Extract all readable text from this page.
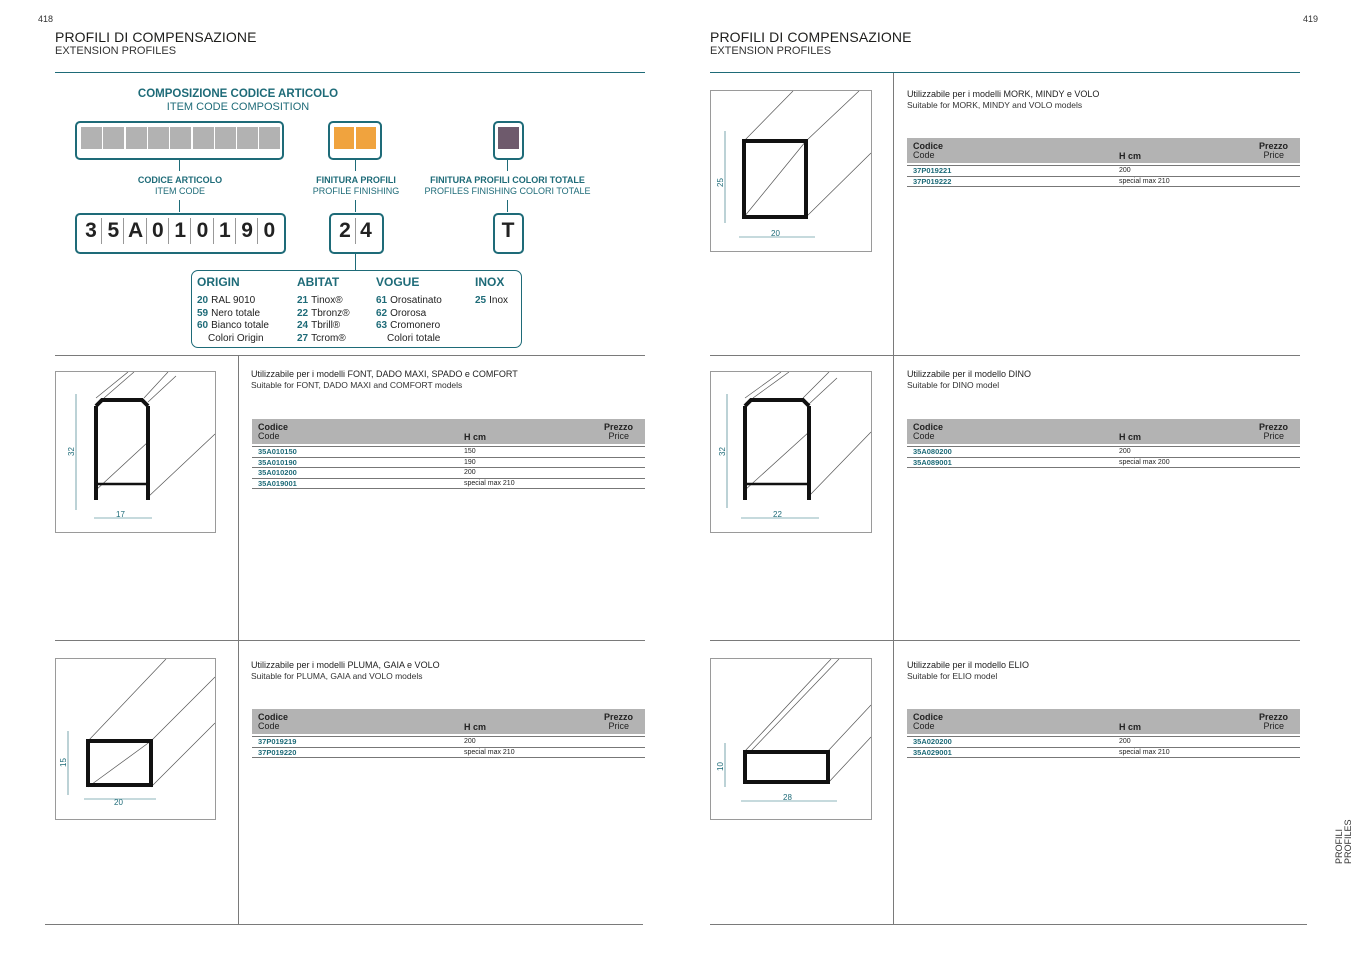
418
PROFILI DI COMPENSAZIONE
EXTENSION PROFILES
419
PROFILI DI COMPENSAZIONE
EXTENSION PROFILES
COMPOSIZIONE CODICE ARTICOLO
ITEM CODE COMPOSITION
CODICE ARTICOLO
ITEM CODE
FINITURA PROFILI
PROFILE FINISHING
FINITURA PROFILI COLORI TOTALE
PROFILES FINISHING COLORI TOTALE
3 5 A 0 1 0 1 9 0	2 4	T
ORIGIN
20 RAL 9010
59 Nero totale
60 Bianco totale
Colori Origin
ABITAT
21 Tinox®
22 Tbronz®
24 Tbrill®
27 Tcrom®
VOGUE
61 Orosatinato
62 Ororosa
63 Cromonero
Colori totale
INOX
25 Inox
32
17
Utilizzabile per i modelli FONT, DADO MAXI, SPADO e COMFORT
Suitable for FONT, DADO MAXI and COMFORT models
Codice
Code	H cm
Prezzo
Price
35A010150	150
35A010190	190
35A010200	200
35A019001	special max 210
15
20
Utilizzabile per i modelli PLUMA, GAIA e VOLO
Suitable for PLUMA, GAIA and VOLO models
Codice
Code	H cm
Prezzo
Price
37P019219	200
37P019220	special max 210
25
20
Utilizzabile per i modelli MORK, MINDY e VOLO
Suitable for MORK, MINDY and VOLO models
Codice
Code	H cm
Prezzo
Price
37P019221	200
37P019222	special max 210
32
22
Utilizzabile per il modello DINO
Suitable for DINO model
Codice
Code	H cm
Prezzo
Price
35A080200	200
35A089001	special max 200
10
28
Utilizzabile per il modello ELIO
Suitable for ELIO model
Codice
Code	H cm
Prezzo
Price
35A020200	200
35A029001	special max 210
PROFILI PROFILES
